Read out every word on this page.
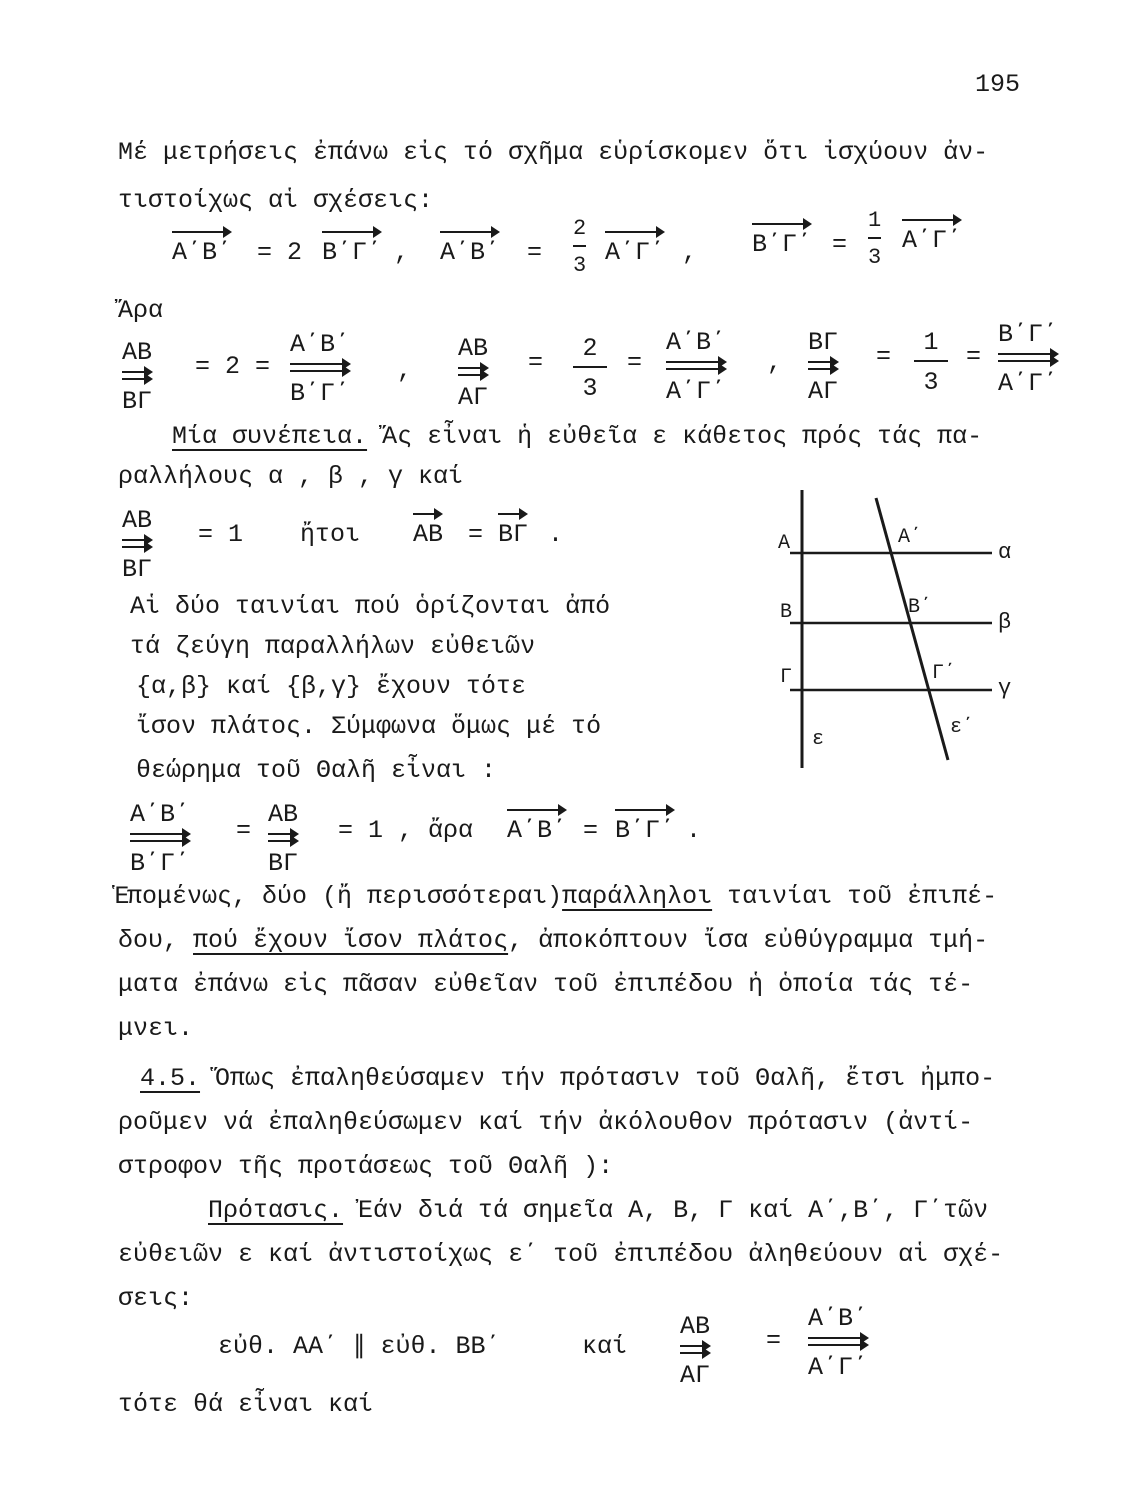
195
Μέ μετρήσεις ἐπάνω εἰς τό σχῆμα εὑρίσκομεν ὅτι ἰσχύουν ἀν-
τιστοίχως αἱ σχέσεις:
Α΄Β΄ = 2 Β΄Γ΄ , Α΄Β΄ =
2
3 Α΄Γ΄ , Β΄Γ΄ =
1
3
Α΄Γ΄
Ἄρα
ΑΒ
ΒΓ
= 2 =
Α΄Β΄
Β΄Γ΄
,
ΑΒ
ΑΓ
= 2
3
=
Α΄Β΄
Α΄Γ΄
,
ΒΓ
ΑΓ
= 1
3
=
Β΄Γ΄
Α΄Γ΄
Μία συνέπεια. Ἄς εἶναι ἡ εὐθεῖα ε κάθετος πρός τάς πα-
ραλλήλους α , β , γ καί
ΑΒ
ΒΓ
= 1 ἤτοι ΑΒ = ΒΓ .
Αἱ δύο ταινίαι πού ὁρίζονται ἀπό
τά ζεύγη παραλλήλων εὐθειῶν
{α,β} καί {β,γ} ἔχουν τότε
ἴσον πλάτος. Σύμφωνα ὅμως μέ τό
θεώρημα τοῦ Θαλῆ εἶναι :
Α΄Β΄
Β΄Γ΄
=
ΑΒ
ΒΓ
= 1 , ἄρα Α΄Β΄ = Β΄Γ΄ .
Α	Α΄
α
Β	Β΄
β
Γ	Γ΄
γ
ε
ε΄
Ἑπομένως, δύο (ἤ περισσότεραι)παράλληλοι ταινίαι τοῦ ἐπιπέ-
δου, πού ἔχουν ἴσον πλάτος, ἀποκόπτουν ἴσα εὐθύγραμμα τμή-
ματα ἐπάνω εἰς πᾶσαν εὐθεῖαν τοῦ ἐπιπέδου ἡ ὁποία τάς τέ-
μνει.
4.5. Ὅπως ἐπαληθεύσαμεν τήν πρότασιν τοῦ Θαλῆ, ἔτσι ἠμπο-
ροῦμεν νά ἐπαληθεύσωμεν καί τήν ἀκόλουθον πρότασιν (ἀντί-
στροφον τῆς προτάσεως τοῦ Θαλῆ ):
Πρότασις. Ἐάν διά τά σημεῖα Α, Β, Γ καί Α΄,Β΄, Γ΄τῶν
εὐθειῶν ε καί ἀντιστοίχως ε΄ τοῦ ἐπιπέδου ἀληθεύουν αἱ σχέ-
σεις:
εὐθ. ΑΑ΄ ∥ εὐθ. ΒΒ΄	καί
ΑΒ
ΑΓ
=
Α΄Β΄
Α΄Γ΄
τότε θά εἶναι καί
